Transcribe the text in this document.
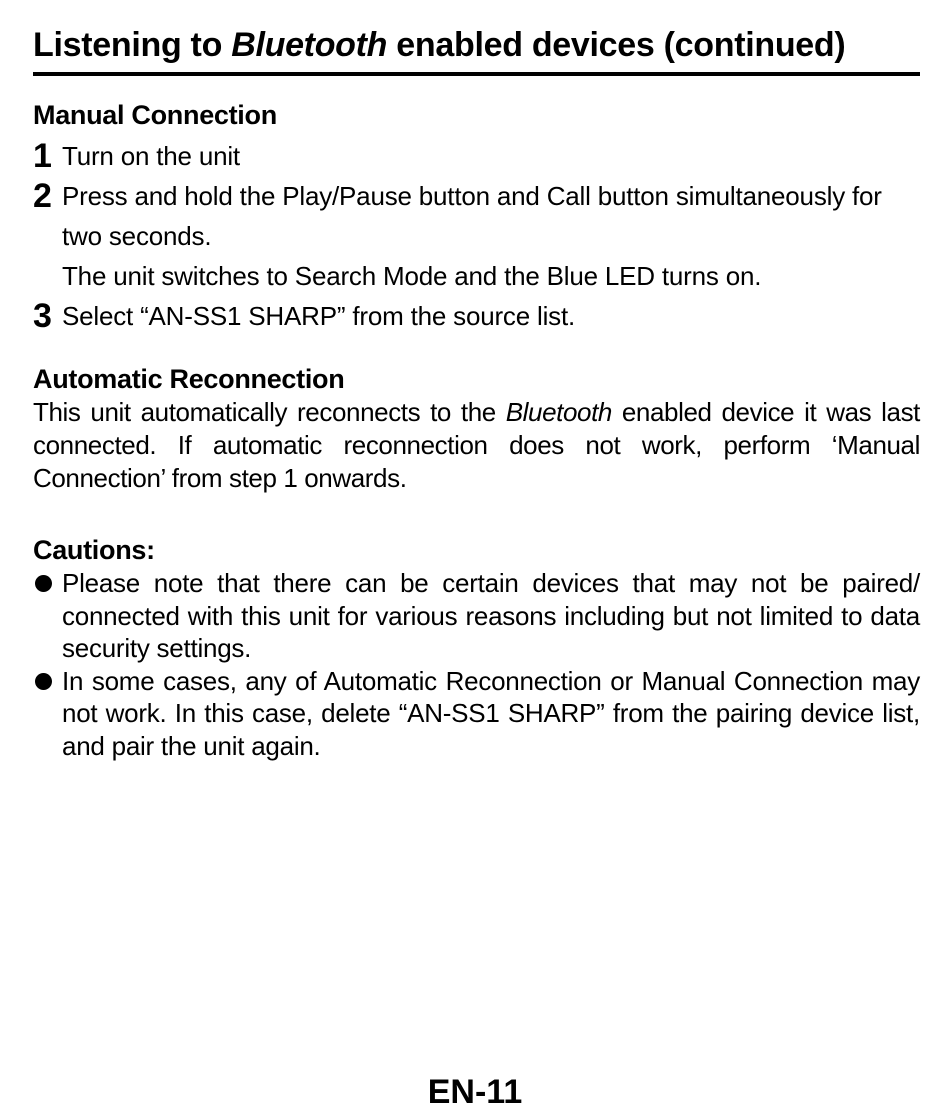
Listening to Bluetooth enabled devices (continued)
Manual Connection
1 Turn on the unit
2 Press and hold the Play/Pause button and Call button simultaneously for two seconds.
The unit switches to Search Mode and the Blue LED turns on.
3 Select “AN-SS1 SHARP” from the source list.
Automatic Reconnection

This unit automatically reconnects to the Bluetooth enabled device it was last connected. If automatic reconnection does not work, perform ‘Manual Connection’ from step 1 onwards.

Cautions:
Please note that there can be certain devices that may not be paired/ connected with this unit for various reasons including but not limited to data security settings.
In some cases, any of Automatic Reconnection or Manual Connection may not work. In this case, delete “AN-SS1 SHARP” from the pairing device list, and pair the unit again.
EN-11
